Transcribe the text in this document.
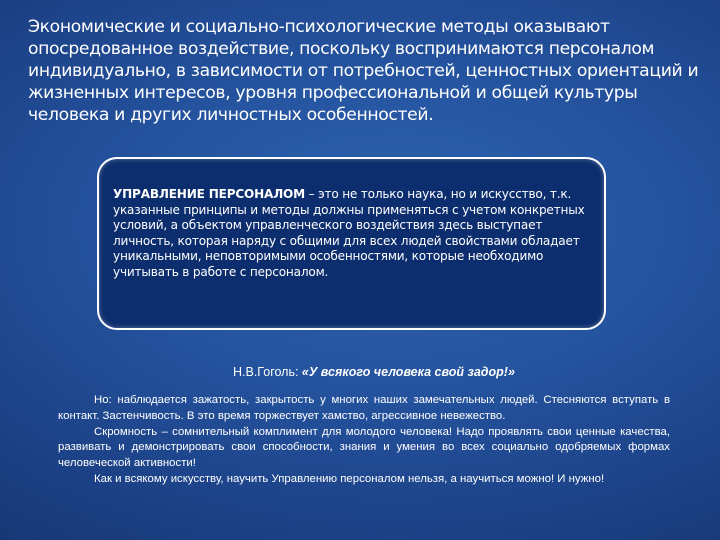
Экономические и социально-психологические методы оказывают опосредованное воздействие, поскольку воспринимаются персоналом индивидуально, в зависимости от потребностей, ценностных ориентаций и жизненных интересов, уровня профессиональной и общей культуры человека и других личностных особенностей.

УПРАВЛЕНИЕ ПЕРСОНАЛОМ – это не только наука, но и искусство, т.к. указанные принципы и методы должны применяться с учетом конкретных условий, а объектом управленческого воздействия здесь выступает личность, которая наряду с общими для всех людей свойствами обладает уникальными, неповторимыми особенностями, которые необходимо учитывать в работе с персоналом.

Н.В.Гоголь: «У всякого человека свой задор!»

Но: наблюдается зажатость, закрытость у многих наших замечательных людей. Стесняются вступать в контакт. Застенчивость. В это время торжествует хамство, агрессивное невежество.

Скромность – сомнительный комплимент для молодого человека! Надо проявлять свои ценные качества, развивать и демонстрировать свои способности, знания и умения во всех социально одобряемых формах человеческой активности!

Как и всякому искусству, научить Управлению персоналом нельзя, а научиться можно! И нужно!
